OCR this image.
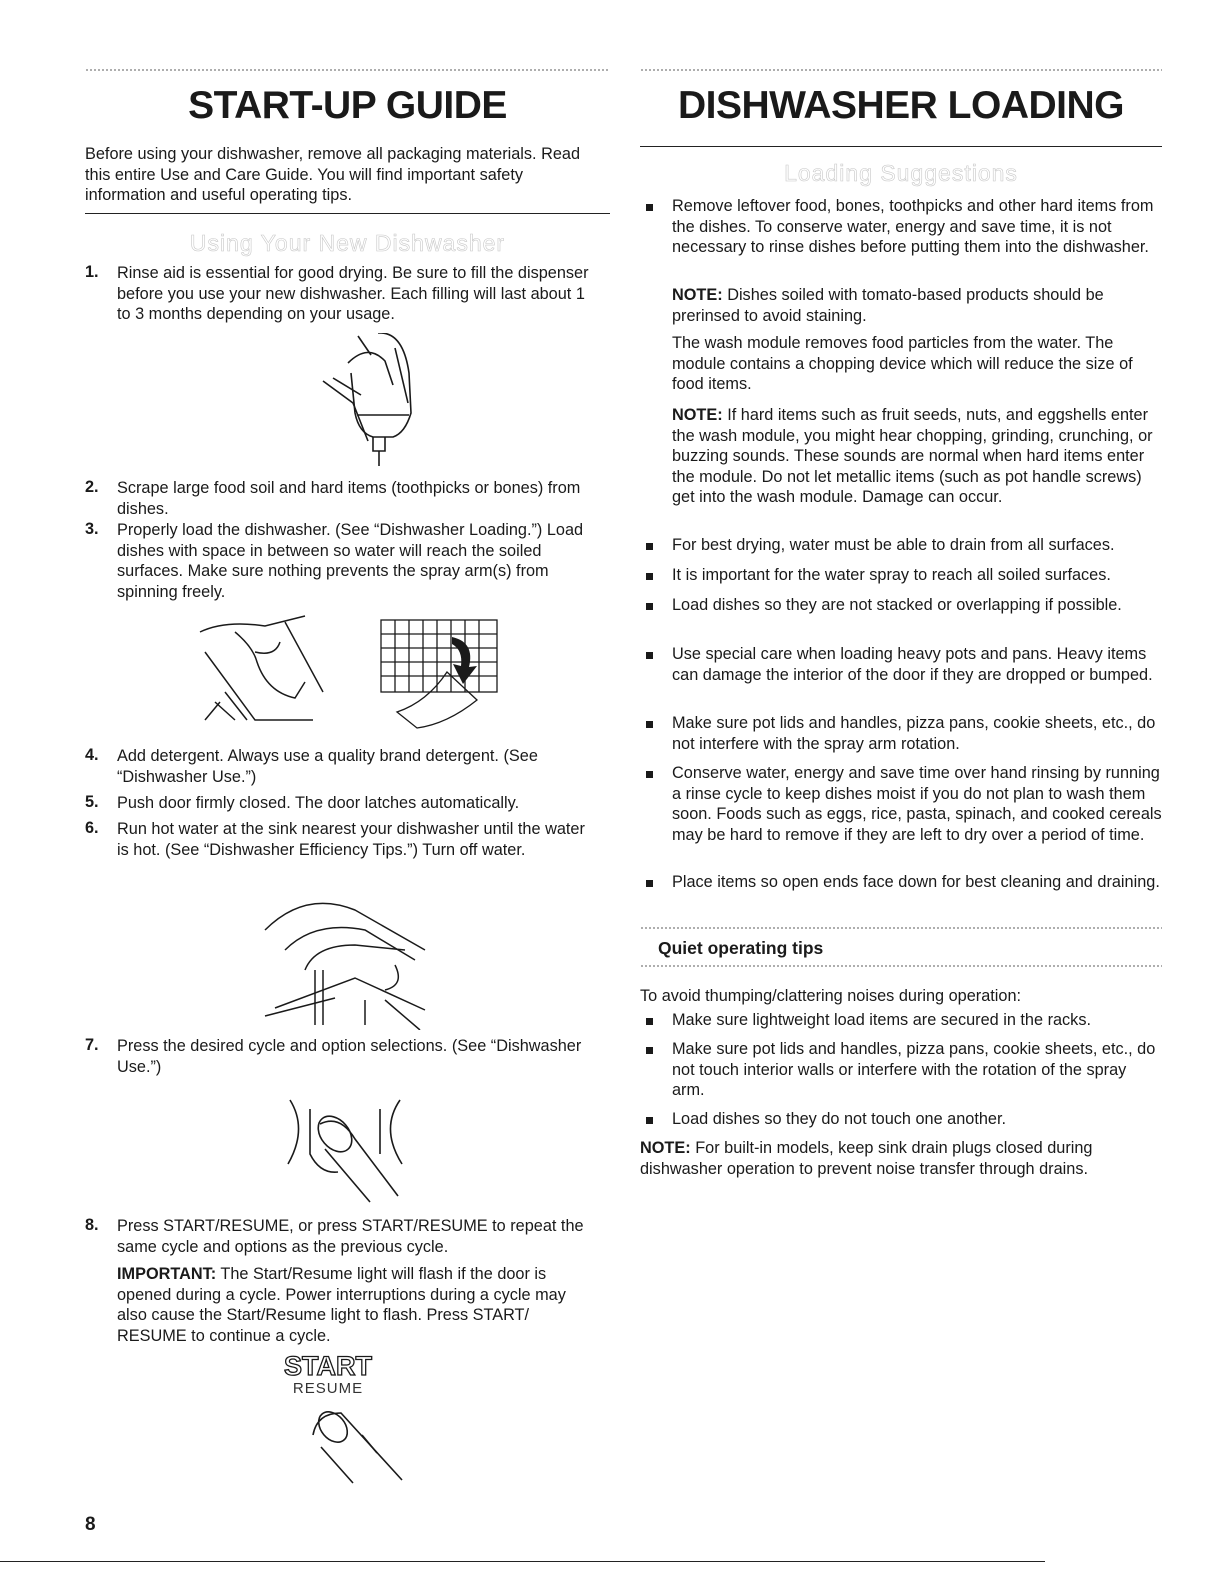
START-UP GUIDE
Before using your dishwasher, remove all packaging materials. Read this entire Use and Care Guide. You will find important safety information and useful operating tips.
Using Your New Dishwasher
1. Rinse aid is essential for good drying. Be sure to fill the dispenser before you use your new dishwasher. Each filling will last about 1 to 3 months depending on your usage.
2. Scrape large food soil and hard items (toothpicks or bones) from dishes.
3. Properly load the dishwasher. (See “Dishwasher Loading.”) Load dishes with space in between so water will reach the soiled surfaces. Make sure nothing prevents the spray arm(s) from spinning freely.
4. Add detergent. Always use a quality brand detergent. (See “Dishwasher Use.”)
5. Push door firmly closed. The door latches automatically.
6. Run hot water at the sink nearest your dishwasher until the water is hot. (See “Dishwasher Efficiency Tips.”) Turn off water.
7. Press the desired cycle and option selections. (See “Dishwasher Use.”)
8. Press START/RESUME, or press START/RESUME to repeat the same cycle and options as the previous cycle.
IMPORTANT: The Start/Resume light will flash if the door is opened during a cycle. Power interruptions during a cycle may also cause the Start/Resume light to flash. Press START/ RESUME to continue a cycle.
START
RESUME
DISHWASHER LOADING
Loading Suggestions
Remove leftover food, bones, toothpicks and other hard items from the dishes. To conserve water, energy and save time, it is not necessary to rinse dishes before putting them into the dishwasher.
NOTE: Dishes soiled with tomato-based products should be prerinsed to avoid staining.
The wash module removes food particles from the water. The module contains a chopping device which will reduce the size of food items.
NOTE: If hard items such as fruit seeds, nuts, and eggshells enter the wash module, you might hear chopping, grinding, crunching, or buzzing sounds. These sounds are normal when hard items enter the module. Do not let metallic items (such as pot handle screws) get into the wash module. Damage can occur.
For best drying, water must be able to drain from all surfaces.
It is important for the water spray to reach all soiled surfaces.
Load dishes so they are not stacked or overlapping if possible.
Use special care when loading heavy pots and pans. Heavy items can damage the interior of the door if they are dropped or bumped.
Make sure pot lids and handles, pizza pans, cookie sheets, etc., do not interfere with the spray arm rotation.
Conserve water, energy and save time over hand rinsing by running a rinse cycle to keep dishes moist if you do not plan to wash them soon. Foods such as eggs, rice, pasta, spinach, and cooked cereals may be hard to remove if they are left to dry over a period of time.
Place items so open ends face down for best cleaning and draining.
Quiet operating tips
To avoid thumping/clattering noises during operation:
Make sure lightweight load items are secured in the racks.
Make sure pot lids and handles, pizza pans, cookie sheets, etc., do not touch interior walls or interfere with the rotation of the spray arm.
Load dishes so they do not touch one another.
NOTE: For built-in models, keep sink drain plugs closed during dishwasher operation to prevent noise transfer through drains.
8
